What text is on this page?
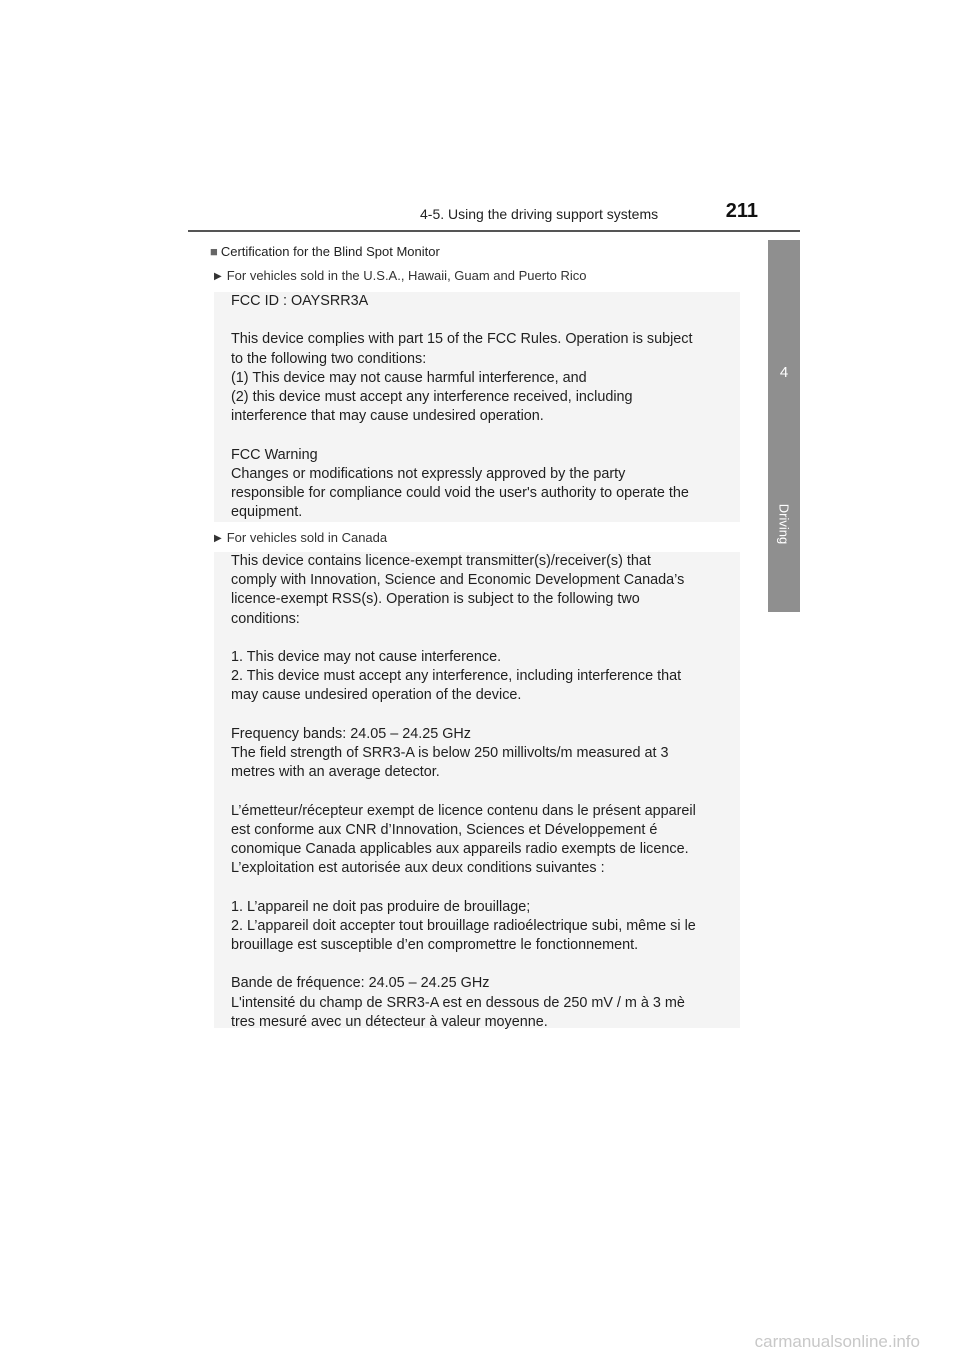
4-5. Using the driving support systems	211
4
Driving
■ Certification for the Blind Spot Monitor
▶ For vehicles sold in the U.S.A., Hawaii, Guam and Puerto Rico

FCC ID : OAYSRR3A

This device complies with part 15 of the FCC Rules. Operation is subject

to the following two conditions:

(1) This device may not cause harmful interference, and

(2) this device must accept any interference received, including

interference that may cause undesired operation.

FCC Warning

Changes or modifications not expressly approved by the party

responsible for compliance could void the user's authority to operate the

equipment.

▶ For vehicles sold in Canada

This device contains licence-exempt transmitter(s)/receiver(s) that

comply with Innovation, Science and Economic Development Canada’s

licence-exempt RSS(s). Operation is subject to the following two

conditions:

1. This device may not cause interference.

2. This device must accept any interference, including interference that

may cause undesired operation of the device.

Frequency bands: 24.05 – 24.25 GHz

The field strength of SRR3-A is below 250 millivolts/m measured at 3

metres with an average detector.

L’émetteur/récepteur exempt de licence contenu dans le présent appareil

est conforme aux CNR d’Innovation, Sciences et Développement é

conomique Canada applicables aux appareils radio exempts de licence.

L’exploitation est autorisée aux deux conditions suivantes :

1. L’appareil ne doit pas produire de brouillage;

2. L’appareil doit accepter tout brouillage radioélectrique subi, même si le

brouillage est susceptible d’en compromettre le fonctionnement.

Bande de fréquence: 24.05 – 24.25 GHz

L'intensité du champ de SRR3-A est en dessous de 250 mV / m à 3 mè

tres mesuré avec un détecteur à valeur moyenne.

carmanualsonline.info
